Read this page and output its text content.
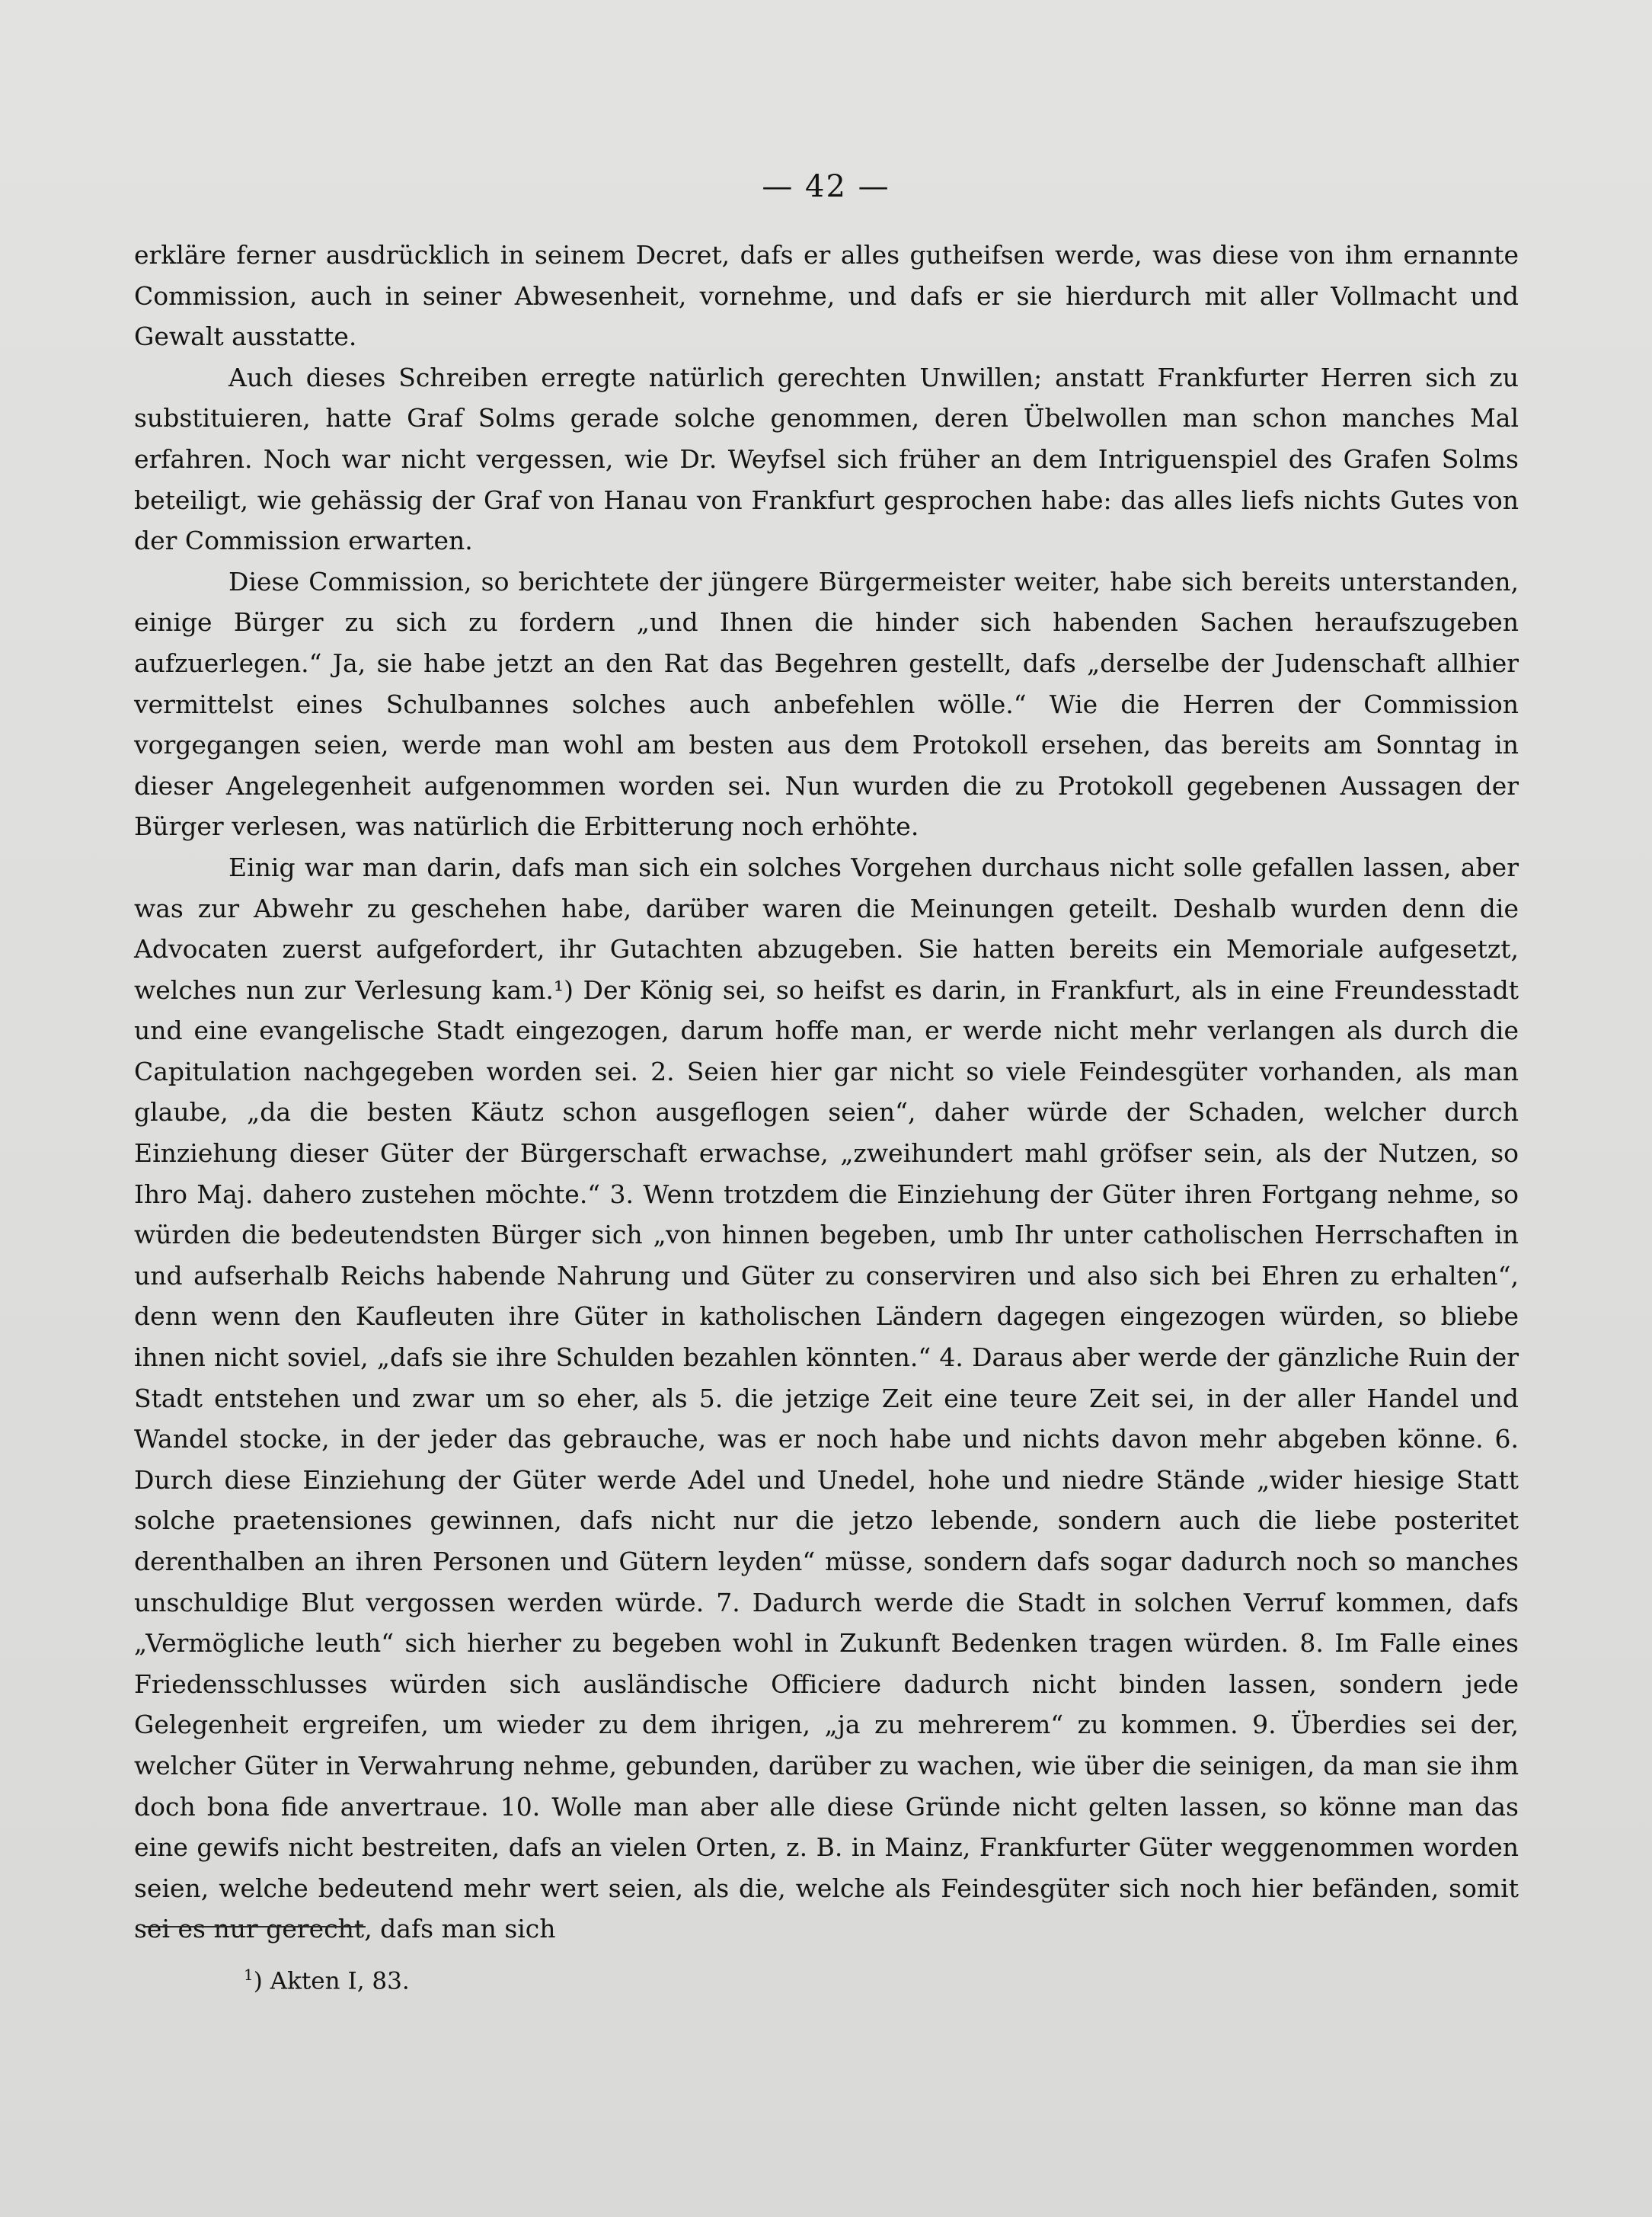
— 42 —

erkläre ferner ausdrücklich in seinem Decret, dafs er alles gutheifsen werde, was diese von ihm ernannte Commission, auch in seiner Abwesenheit, vornehme, und dafs er sie hierdurch mit aller Vollmacht und Gewalt ausstatte.

Auch dieses Schreiben erregte natürlich gerechten Unwillen; anstatt Frankfurter Herren sich zu substituieren, hatte Graf Solms gerade solche genommen, deren Übelwollen man schon manches Mal erfahren. Noch war nicht vergessen, wie Dr. Weyfsel sich früher an dem Intriguenspiel des Grafen Solms beteiligt, wie gehässig der Graf von Hanau von Frankfurt gesprochen habe: das alles liefs nichts Gutes von der Commission erwarten.

Diese Commission, so berichtete der jüngere Bürgermeister weiter, habe sich bereits unterstanden, einige Bürger zu sich zu fordern „und Ihnen die hinder sich habenden Sachen heraufszugeben aufzuerlegen.“ Ja, sie habe jetzt an den Rat das Begehren gestellt, dafs „derselbe der Judenschaft allhier vermittelst eines Schulbannes solches auch anbefehlen wölle.“ Wie die Herren der Commission vorgegangen seien, werde man wohl am besten aus dem Protokoll ersehen, das bereits am Sonntag in dieser Angelegenheit aufgenommen worden sei. Nun wurden die zu Protokoll gegebenen Aussagen der Bürger verlesen, was natürlich die Erbitterung noch erhöhte.

Einig war man darin, dafs man sich ein solches Vorgehen durchaus nicht solle gefallen lassen, aber was zur Abwehr zu geschehen habe, darüber waren die Meinungen geteilt. Deshalb wurden denn die Advocaten zuerst aufgefordert, ihr Gutachten abzugeben. Sie hatten bereits ein Memoriale aufgesetzt, welches nun zur Verlesung kam.¹) Der König sei, so heifst es darin, in Frankfurt, als in eine Freundesstadt und eine evangelische Stadt eingezogen, darum hoffe man, er werde nicht mehr verlangen als durch die Capitulation nachgegeben worden sei. 2. Seien hier gar nicht so viele Feindesgüter vorhanden, als man glaube, „da die besten Käutz schon ausgeflogen seien“, daher würde der Schaden, welcher durch Einziehung dieser Güter der Bürgerschaft erwachse, „zweihundert mahl gröfser sein, als der Nutzen, so Ihro Maj. dahero zustehen möchte.“ 3. Wenn trotzdem die Einziehung der Güter ihren Fortgang nehme, so würden die bedeutendsten Bürger sich „von hinnen begeben, umb Ihr unter catholischen Herrschaften in und aufserhalb Reichs habende Nahrung und Güter zu conserviren und also sich bei Ehren zu erhalten“, denn wenn den Kaufleuten ihre Güter in katholischen Ländern dagegen eingezogen würden, so bliebe ihnen nicht soviel, „dafs sie ihre Schulden bezahlen könnten.“ 4. Daraus aber werde der gänzliche Ruin der Stadt entstehen und zwar um so eher, als 5. die jetzige Zeit eine teure Zeit sei, in der aller Handel und Wandel stocke, in der jeder das gebrauche, was er noch habe und nichts davon mehr abgeben könne. 6. Durch diese Einziehung der Güter werde Adel und Unedel, hohe und niedre Stände „wider hiesige Statt solche praetensiones gewinnen, dafs nicht nur die jetzo lebende, sondern auch die liebe posteritet derenthalben an ihren Personen und Gütern leyden“ müsse, sondern dafs sogar dadurch noch so manches unschuldige Blut vergossen werden würde. 7. Dadurch werde die Stadt in solchen Verruf kommen, dafs „Vermögliche leuth“ sich hierher zu begeben wohl in Zukunft Bedenken tragen würden. 8. Im Falle eines Friedensschlusses würden sich ausländische Officiere dadurch nicht binden lassen, sondern jede Gelegenheit ergreifen, um wieder zu dem ihrigen, „ja zu mehrerem“ zu kommen. 9. Überdies sei der, welcher Güter in Verwahrung nehme, gebunden, darüber zu wachen, wie über die seinigen, da man sie ihm doch bona fide anvertraue. 10. Wolle man aber alle diese Gründe nicht gelten lassen, so könne man das eine gewifs nicht bestreiten, dafs an vielen Orten, z. B. in Mainz, Frankfurter Güter weggenommen worden seien, welche bedeutend mehr wert seien, als die, welche als Feindesgüter sich noch hier befänden, somit sei es nur gerecht, dafs man sich

$^1$) Akten I, 83.
